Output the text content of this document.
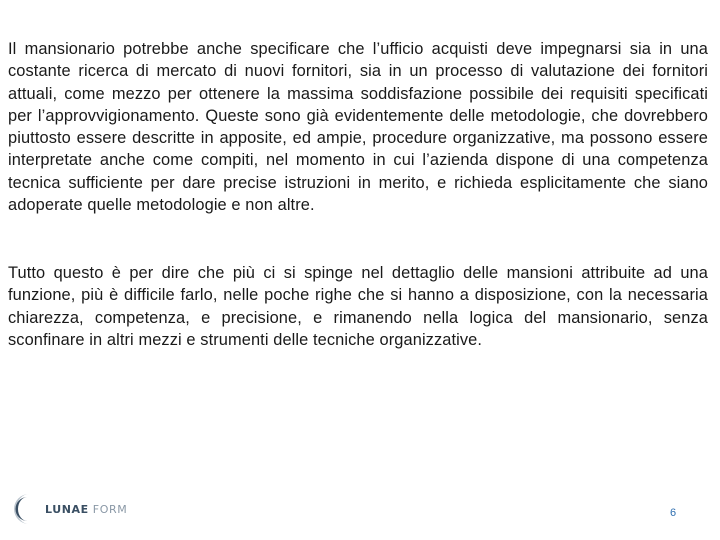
Il mansionario potrebbe anche specificare che l’ufficio acquisti deve impegnarsi sia in una costante ricerca di mercato di nuovi fornitori, sia in un processo di valutazione dei fornitori attuali, come mezzo per ottenere la massima soddisfazione possibile dei requisiti specificati per l’approvvigionamento. Queste sono già evidentemente delle metodologie, che dovrebbero piuttosto essere descritte in apposite, ed ampie, procedure organizzative, ma possono essere interpretate anche come compiti, nel momento in cui l’azienda dispone di una competenza tecnica sufficiente per dare precise istruzioni in merito, e richieda esplicitamente che siano adoperate quelle metodologie e non altre.

Tutto questo è per dire che più ci si spinge nel dettaglio delle mansioni attribuite ad una funzione, più è difficile farlo, nelle poche righe che si hanno a disposizione, con la necessaria chiarezza, competenza, e precisione, e rimanendo nella logica del mansionario, senza sconfinare in altri mezzi e strumenti delle tecniche organizzative.

LUNAE FORM	6
